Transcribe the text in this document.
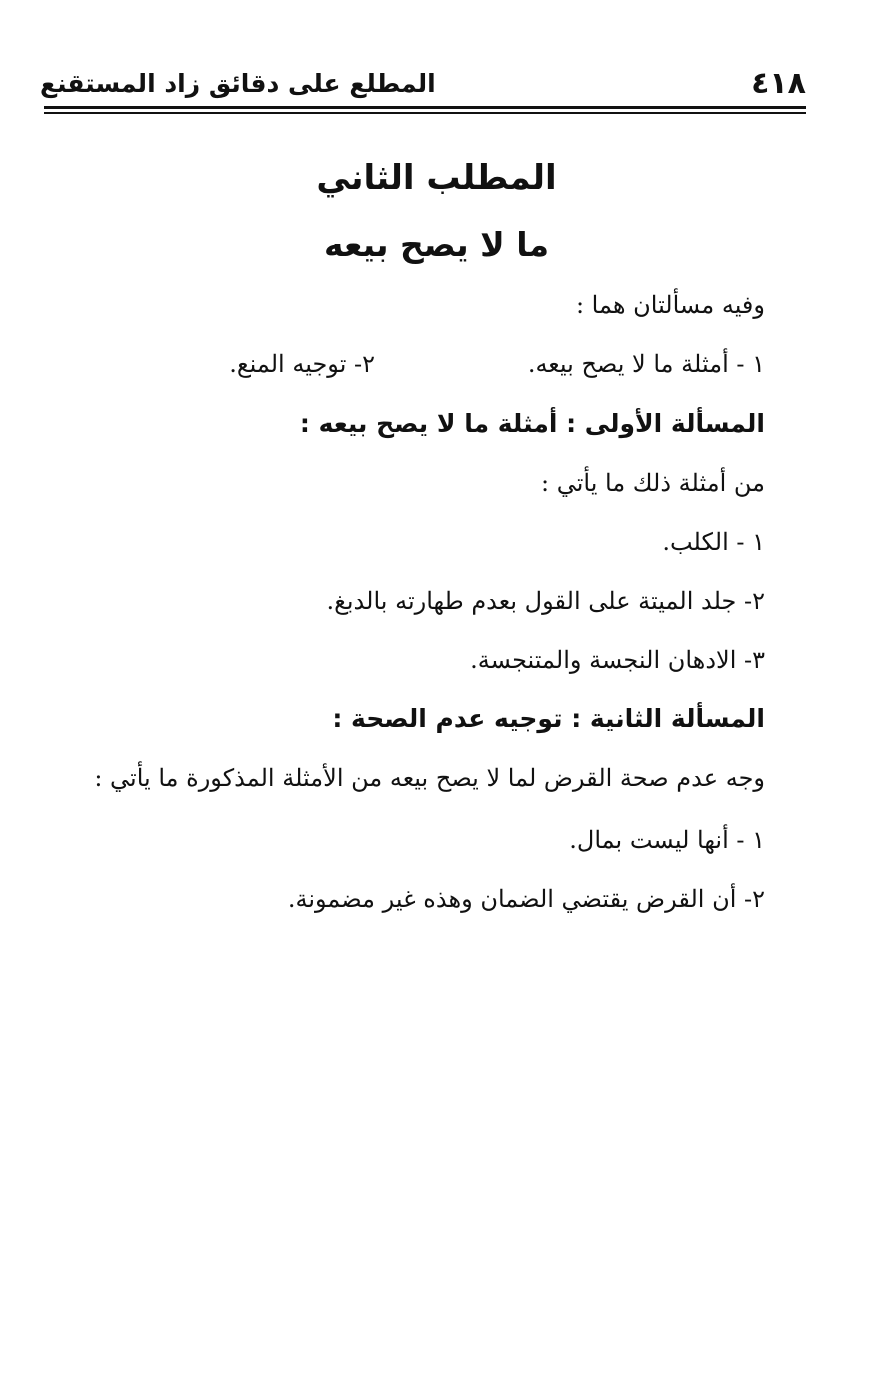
٤١٨
المطلع على دقائق زاد المستقنع
المطلب الثاني
ما لا يصح بيعه
وفيه مسألتان هما :
١ - أمثلة ما لا يصح بيعه.
٢- توجيه المنع.
المسألة الأولى : أمثلة ما لا يصح بيعه :
من أمثلة ذلك ما يأتي :
١ - الكلب.
٢- جلد الميتة على القول بعدم طهارته بالدبغ.
٣- الادهان النجسة والمتنجسة.
المسألة الثانية : توجيه عدم الصحة :
وجه عدم صحة القرض لما لا يصح بيعه من الأمثلة المذكورة ما يأتي :
١ - أنها ليست بمال.
٢- أن القرض يقتضي الضمان وهذه غير مضمونة.
